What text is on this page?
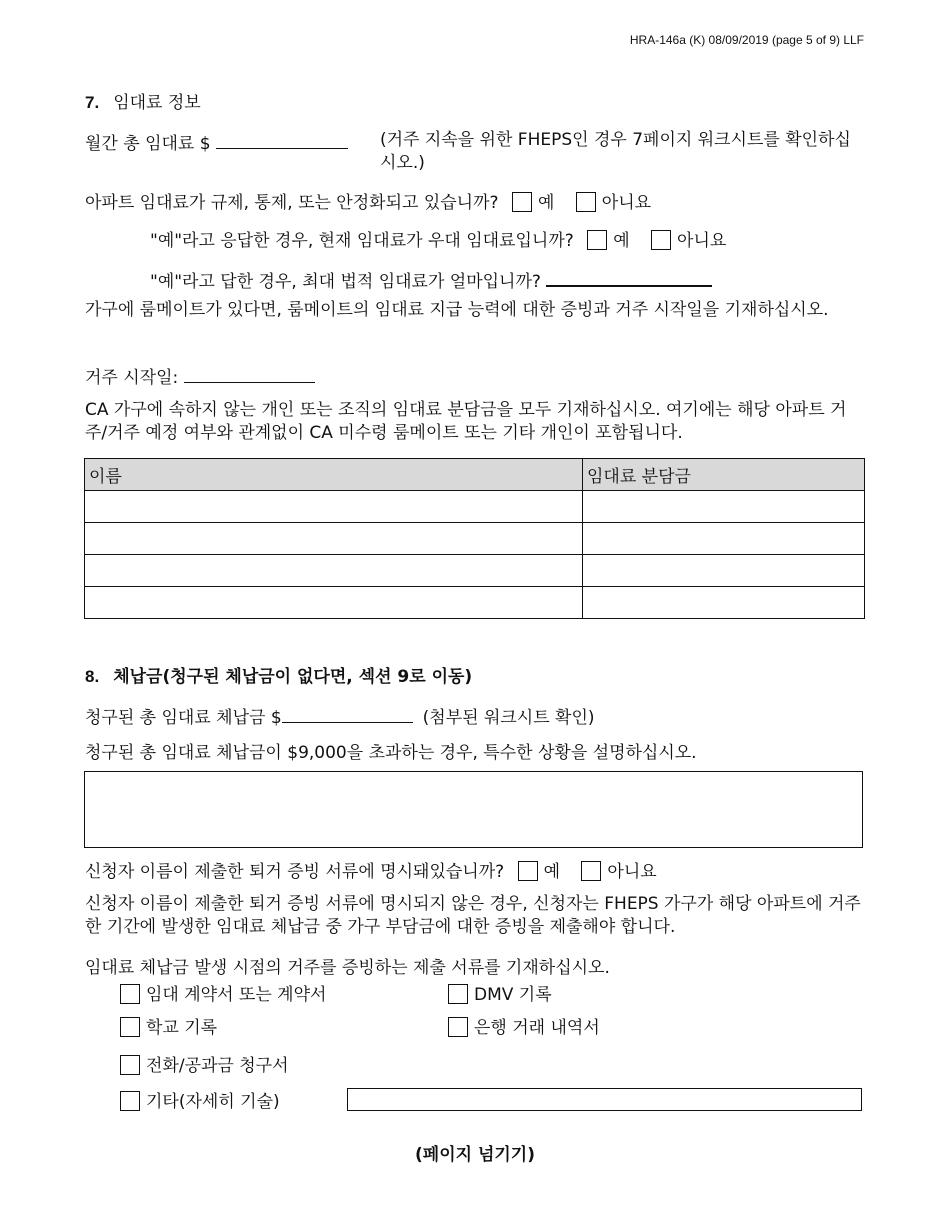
HRA-146a (K) 08/09/2019 (page 5 of 9) LLF
7. 임대료 정보
월간 총 임대료 $	(거주 지속을 위한 FHEPS인 경우 7페이지 워크시트를 확인하십시오.)
아파트 임대료가 규제, 통제, 또는 안정화되고 있습니까? 예	아니요
"예"라고 응답한 경우, 현재 임대료가 우대 임대료입니까? 예	아니요
"예"라고 답한 경우, 최대 법적 임대료가 얼마입니까?
가구에 룸메이트가 있다면, 룸메이트의 임대료 지급 능력에 대한 증빙과 거주 시작일을 기재하십시오.
거주 시작일:
CA 가구에 속하지 않는 개인 또는 조직의 임대료 분담금을 모두 기재하십시오. 여기에는 해당 아파트 거주/거주 예정 여부와 관계없이 CA 미수령 룸메이트 또는 기타 개인이 포함됩니다.
이름	임대료 분담금

8. 체납금(청구된 체납금이 없다면, 섹션 9로 이동)
청구된 총 임대료 체납금 $	(첨부된 워크시트 확인)
청구된 총 임대료 체납금이 $9,000을 초과하는 경우, 특수한 상황을 설명하십시오.
신청자 이름이 제출한 퇴거 증빙 서류에 명시돼있습니까? 예	아니요
신청자 이름이 제출한 퇴거 증빙 서류에 명시되지 않은 경우, 신청자는 FHEPS 가구가 해당 아파트에 거주한 기간에 발생한 임대료 체납금 중 가구 부담금에 대한 증빙을 제출해야 합니다.
임대료 체납금 발생 시점의 거주를 증빙하는 제출 서류를 기재하십시오.
임대 계약서 또는 계약서	DMV 기록
학교 기록	은행 거래 내역서
전화/공과금 청구서
기타(자세히 기술)
(페이지 넘기기)
